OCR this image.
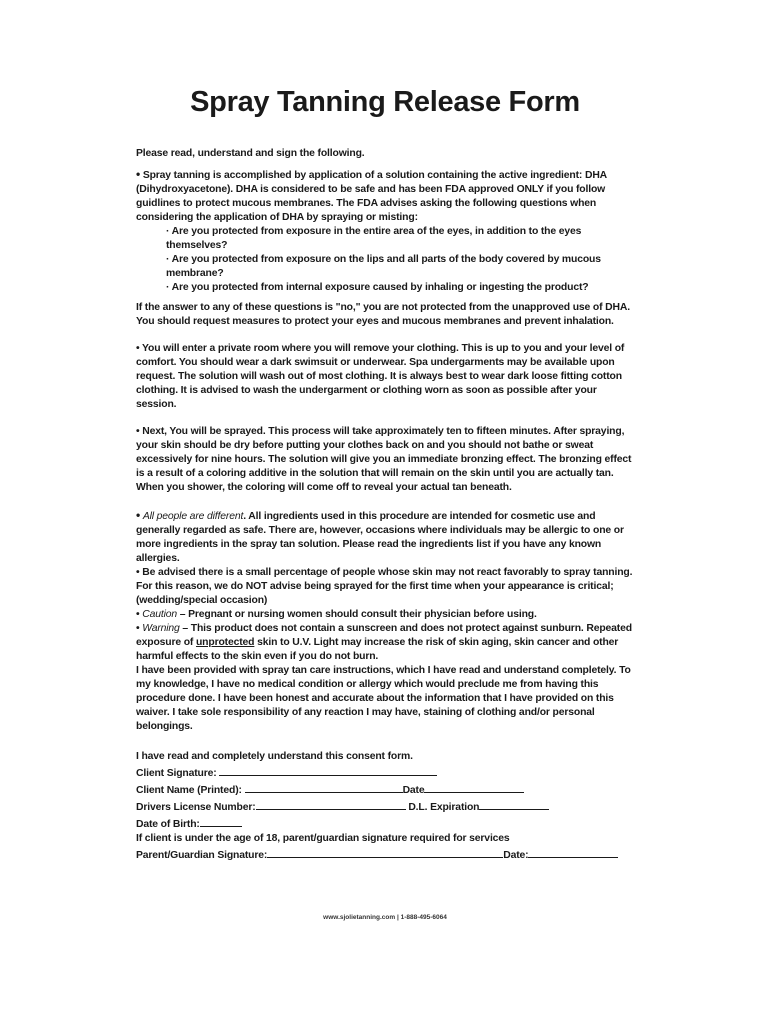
Spray Tanning Release Form

Please read, understand and sign the following.

• Spray tanning is accomplished by application of a solution containing the active ingredient: DHA (Dihydroxyacetone). DHA is considered to be safe and has been FDA approved ONLY if you follow guidlines to protect mucous membranes. The FDA advises asking the following questions when considering the application of DHA by spraying or misting:

· Are you protected from exposure in the entire area of the eyes, in addition to the eyes themselves?

· Are you protected from exposure on the lips and all parts of the body covered by mucous membrane?

· Are you protected from internal exposure caused by inhaling or ingesting the product?

If the answer to any of these questions is "no," you are not protected from the unapproved use of DHA. You should request measures to protect your eyes and mucous membranes and prevent inhalation.

• You will enter a private room where you will remove your clothing. This is up to you and your level of comfort. You should wear a dark swimsuit or underwear. Spa undergarments may be available upon request. The solution will wash out of most clothing. It is always best to wear dark loose fitting cotton clothing. It is advised to wash the undergarment or clothing worn as soon as possible after your session.

• Next, You will be sprayed. This process will take approximately ten to fifteen minutes. After spraying, your skin should be dry before putting your clothes back on and you should not bathe or sweat excessively for nine hours. The solution will give you an immediate bronzing effect. The bronzing effect is a result of a coloring additive in the solution that will remain on the skin until you are actually tan. When you shower, the coloring will come off to reveal your actual tan beneath.

• All people are different. All ingredients used in this procedure are intended for cosmetic use and generally regarded as safe. There are, however, occasions where individuals may be allergic to one or more ingredients in the spray tan solution. Please read the ingredients list if you have any known allergies.

• Be advised there is a small percentage of people whose skin may not react favorably to spray tanning. For this reason, we do NOT advise being sprayed for the first time when your appearance is critical; (wedding/special occasion)

• Caution – Pregnant or nursing women should consult their physician before using.

• Warning – This product does not contain a sunscreen and does not protect against sunburn. Repeated exposure of unprotected skin to U.V. Light may increase the risk of skin aging, skin cancer and other harmful effects to the skin even if you do not burn.

I have been provided with spray tan care instructions, which I have read and understand completely. To my knowledge, I have no medical condition or allergy which would preclude me from having this procedure done. I have been honest and accurate about the information that I have provided on this waiver. I take sole responsibility of any reaction I may have, staining of clothing and/or personal belongings.

I have read and completely understand this consent form.

Client Signature:

Client Name (Printed):	Date

Drivers License Number:	D.L. Expiration

Date of Birth:

If client is under the age of 18, parent/guardian signature required for services

Parent/Guardian Signature:	Date:

www.sjolietanning.com | 1-888-495-6064
